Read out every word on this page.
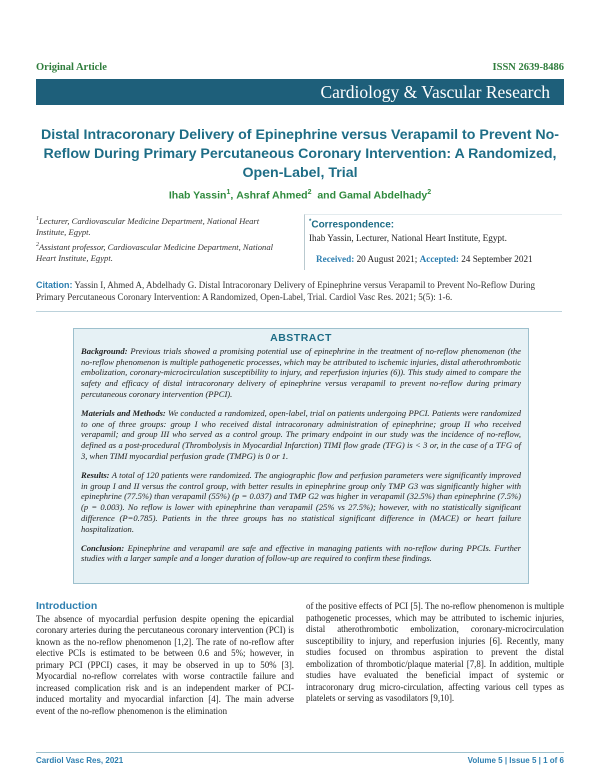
Original Article	ISSN 2639-8486
Cardiology & Vascular Research
Distal Intracoronary Delivery of Epinephrine versus Verapamil to Prevent No-Reflow During Primary Percutaneous Coronary Intervention: A Randomized, Open-Label, Trial
Ihab Yassin$^1$, Ashraf Ahmed$^2$  and Gamal Abdelhady$^2$
$^1$Lecturer, Cardiovascular Medicine Department, National Heart Institute, Egypt.
$^2$Assistant professor, Cardiovascular Medicine Department, National Heart Institute, Egypt.
*Correspondence:
Ihab Yassin, Lecturer, National Heart Institute, Egypt.
Received: 20 August 2021; Accepted: 24 September 2021
Citation: Yassin I, Ahmed A, Abdelhady G. Distal Intracoronary Delivery of Epinephrine versus Verapamil to Prevent No-Reflow During Primary Percutaneous Coronary Intervention: A Randomized, Open-Label, Trial. Cardiol Vasc Res. 2021; 5(5): 1-6.
ABSTRACT
Background: Previous trials showed a promising potential use of epinephrine in the treatment of no-reflow phenomenon (the no-reflow phenomenon is multiple pathogenetic processes, which may be attributed to ischemic injuries, distal atherothrombotic embolization, coronary-microcirculation susceptibility to injury, and reperfusion injuries (6)). This study aimed to compare the safety and efficacy of distal intracoronary delivery of epinephrine versus verapamil to prevent no-reflow during primary percutaneous coronary intervention (PPCI).
Materials and Methods: We conducted a randomized, open-label, trial on patients undergoing PPCI. Patients were randomized to one of three groups: group I who received distal intracoronary administration of epinephrine; group II who received verapamil; and group III who served as a control group. The primary endpoint in our study was the incidence of no-reflow, defined as a post-procedural (Thrombolysis in Myocardial Infarction) TIMI flow grade (TFG) is < 3 or, in the case of a TFG of 3, when TIMI myocardial perfusion grade (TMPG) is 0 or 1.
Results: A total of 120 patients were randomized. The angiographic flow and perfusion parameters were significantly improved in group I and II versus the control group, with better results in epinephrine group only TMP G3 was significantly higher with epinephrine (77.5%) than verapamil (55%) (p = 0.037) and TMP G2 was higher in verapamil (32.5%) than epinephrine (7.5%) (p = 0.003). No reflow is lower with epinephrine than verapamil (25% vs 27.5%); however, with no statistically significant difference (P=0.785). Patients in the three groups has no statistical significant difference in (MACE) or heart failure hospitalization.
Conclusion: Epinephrine and verapamil are safe and effective in managing patients with no-reflow during PPCIs. Further studies with a larger sample and a longer duration of follow-up are required to confirm these findings.
Introduction
The absence of myocardial perfusion despite opening the epicardial coronary arteries during the percutaneous coronary intervention (PCI) is known as the no-reflow phenomenon [1,2]. The rate of no-reflow after elective PCIs is estimated to be between 0.6 and 5%; however, in primary PCI (PPCI) cases, it may be observed in up to 50% [3]. Myocardial no-reflow correlates with worse contractile failure and increased complication risk and is an independent marker of PCI-induced mortality and myocardial infarction [4]. The main adverse event of the no-reflow phenomenon is the elimination
of the positive effects of PCI [5]. The no-reflow phenomenon is multiple pathogenetic processes, which may be attributed to ischemic injuries, distal atherothrombotic embolization, coronary-microcirculation susceptibility to injury, and reperfusion injuries [6]. Recently, many studies focused on thrombus aspiration to prevent the distal embolization of thrombotic/plaque material [7,8]. In addition, multiple studies have evaluated the beneficial impact of systemic or intracoronary drug micro-circulation, affecting various cell types as platelets or serving as vasodilators [9,10].
Cardiol Vasc Res, 2021	Volume 5 | Issue 5 | 1 of 6
